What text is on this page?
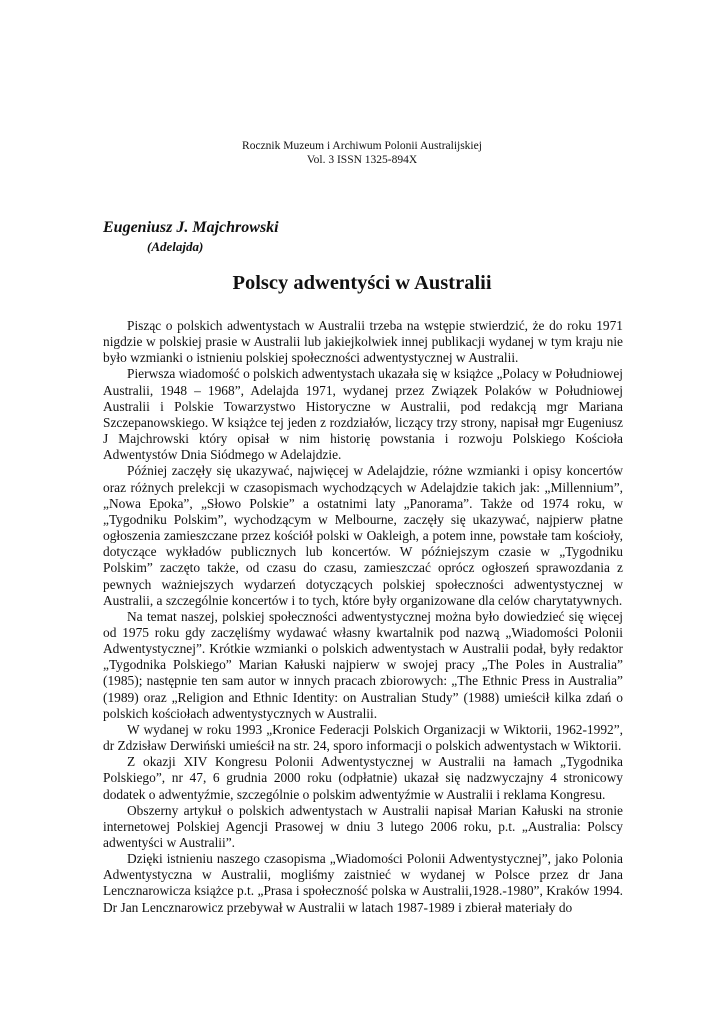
Rocznik Muzeum i Archiwum Polonii Australijskiej
Vol. 3 ISSN 1325-894X
Eugeniusz J. Majchrowski
(Adelajda)
Polscy adwentyści w Australii

Pisząc o polskich adwentystach w Australii trzeba na wstępie stwierdzić, że do roku 1971 nigdzie w polskiej prasie w Australii lub jakiejkolwiek innej publikacji wydanej w tym kraju nie było wzmianki o istnieniu polskiej społeczności adwentystycznej w Australii.

Pierwsza wiadomość o polskich adwentystach ukazała się w książce „Polacy w Południowej Australii, 1948 – 1968”, Adelajda 1971, wydanej przez Związek Polaków w Południowej Australii i Polskie Towarzystwo Historyczne w Australii, pod redakcją mgr Mariana Szczepanowskiego. W książce tej jeden z rozdziałów, liczący trzy strony, napisał mgr Eugeniusz J Majchrowski który opisał w nim historię powstania i rozwoju Polskiego Kościoła Adwentystów Dnia Siódmego w Adelajdzie.

Później zaczęły się ukazywać, najwięcej w Adelajdzie, różne wzmianki i opisy koncertów oraz różnych prelekcji w czasopismach wychodzących w Adelajdzie takich jak: „Millennium”, „Nowa Epoka”, „Słowo Polskie” a ostatnimi laty „Panorama”. Także od 1974 roku, w „Tygodniku Polskim”, wychodzącym w Melbourne, zaczęły się ukazywać, najpierw płatne ogłoszenia zamieszczane przez kościół polski w Oakleigh, a potem inne, powstałe tam kościoły, dotyczące wykładów publicznych lub koncertów. W późniejszym czasie w „Tygodniku Polskim” zaczęto także, od czasu do czasu, zamieszczać oprócz ogłoszeń sprawozdania z pewnych ważniejszych wydarzeń dotyczących polskiej społeczności adwentystycznej w Australii, a szczególnie koncertów i to tych, które były organizowane dla celów charytatywnych.

Na temat naszej, polskiej społeczności adwentystycznej można było dowiedzieć się więcej od 1975 roku gdy zaczęliśmy wydawać własny kwartalnik pod nazwą „Wiadomości Polonii Adwentystycznej”. Krótkie wzmianki o polskich adwentystach w Australii podał, były redaktor „Tygodnika Polskiego” Marian Kałuski najpierw w swojej pracy „The Poles in Australia” (1985); następnie ten sam autor w innych pracach zbiorowych: „The Ethnic Press in Australia” (1989) oraz „Religion and Ethnic Identity: on Australian Study” (1988) umieścił kilka zdań o polskich kościołach adwentystycznych w Australii.

W wydanej w roku 1993 „Kronice Federacji Polskich Organizacji w Wiktorii, 1962-1992”, dr Zdzisław Derwiński umieścił na str. 24, sporo informacji o polskich adwentystach w Wiktorii.

Z okazji XIV Kongresu Polonii Adwentystycznej w Australii na łamach „Tygodnika Polskiego”, nr 47, 6 grudnia 2000 roku (odpłatnie) ukazał się nadzwyczajny 4 stronicowy dodatek o adwentyźmie, szczególnie o polskim adwentyźmie w Australii i reklama Kongresu.

Obszerny artykuł o polskich adwentystach w Australii napisał Marian Kałuski na stronie internetowej Polskiej Agencji Prasowej w dniu 3 lutego 2006 roku, p.t. „Australia: Polscy adwentyści w Australii”.

Dzięki istnieniu naszego czasopisma „Wiadomości Polonii Adwentystycznej”, jako Polonia Adwentystyczna w Australii, mogliśmy zaistnieć w wydanej w Polsce przez dr Jana Lencznarowicza książce p.t. „Prasa i społeczność polska w Australii,1928.-1980”, Kraków 1994. Dr Jan Lencznarowicz przebywał w Australii w latach 1987-1989 i zbierał materiały do
